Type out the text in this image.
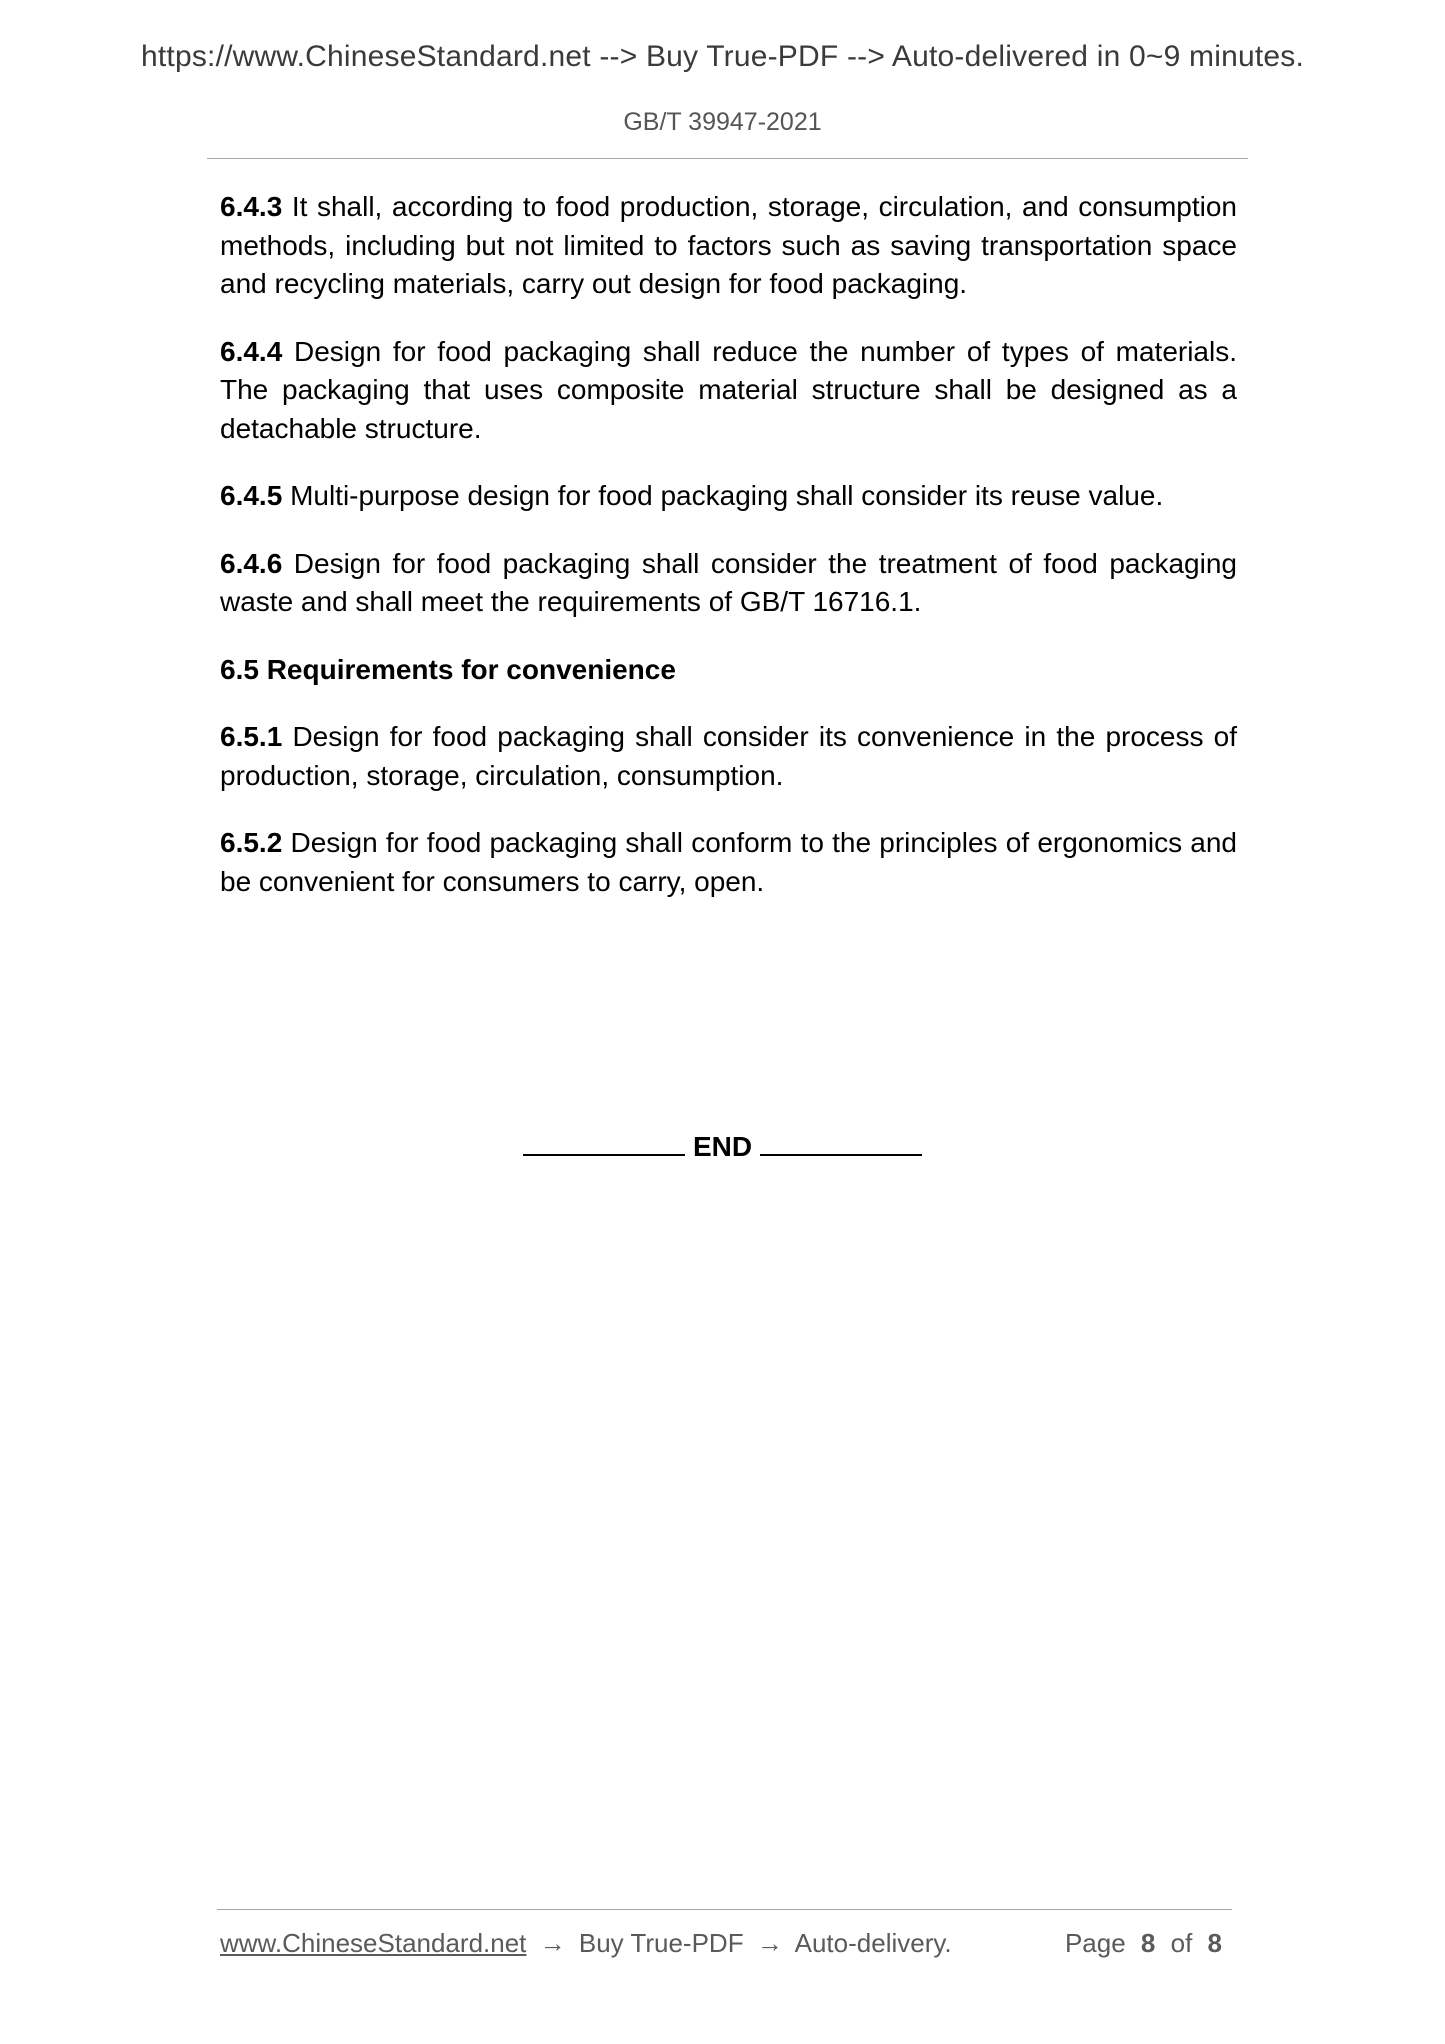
https://www.ChineseStandard.net --> Buy True-PDF --> Auto-delivered in 0~9 minutes.
GB/T 39947-2021

6.4.3 It shall, according to food production, storage, circulation, and consumption methods, including but not limited to factors such as saving transportation space and recycling materials, carry out design for food packaging.

6.4.4 Design for food packaging shall reduce the number of types of materials. The packaging that uses composite material structure shall be designed as a detachable structure.

6.4.5 Multi-purpose design for food packaging shall consider its reuse value.

6.4.6 Design for food packaging shall consider the treatment of food packaging waste and shall meet the requirements of GB/T 16716.1.

6.5 Requirements for convenience

6.5.1 Design for food packaging shall consider its convenience in the process of production, storage, circulation, consumption.

6.5.2 Design for food packaging shall conform to the principles of ergonomics and be convenient for consumers to carry, open.

END
www.ChineseStandard.net → Buy True-PDF → Auto-delivery.	Page 8 of 8
